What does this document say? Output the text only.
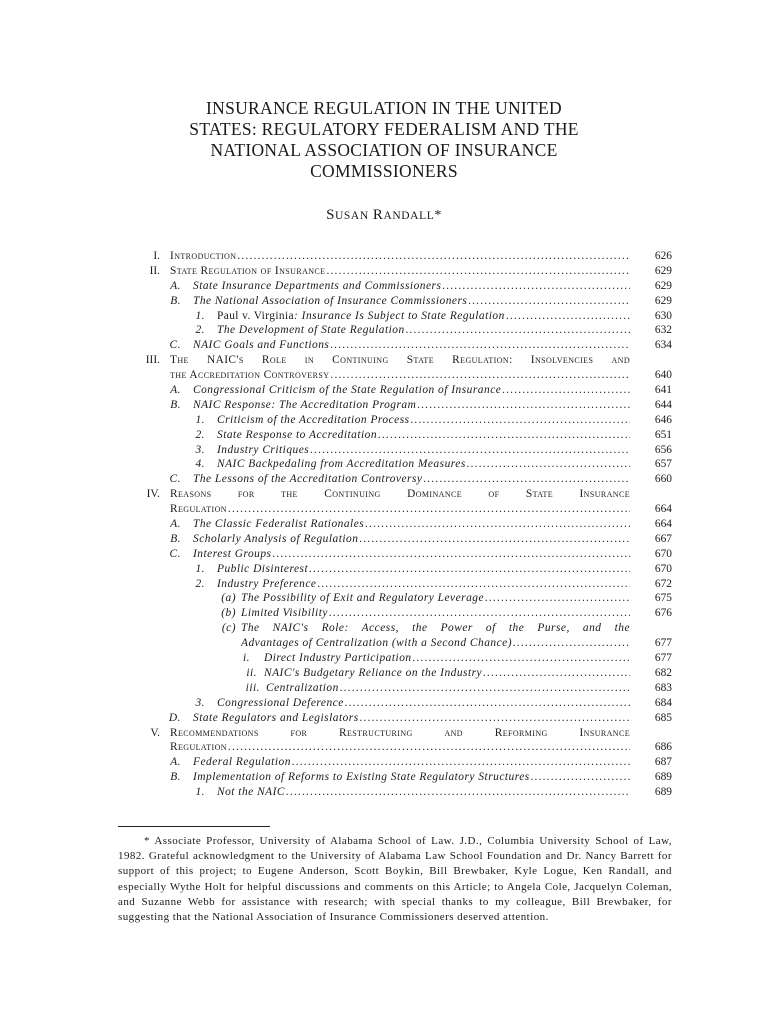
INSURANCE REGULATION IN THE UNITED
STATES: REGULATORY FEDERALISM AND THE
NATIONAL ASSOCIATION OF INSURANCE
COMMISSIONERS
SUSAN RANDALL*
I. Introduction .....	626
II. State Regulation of Insurance .....	629
A. State Insurance Departments and Commissioners .....	629
B. The National Association of Insurance Commissioners .....	629
1. Paul v. Virginia: Insurance Is Subject to State Regulation .....	630
2. The Development of State Regulation .....	632
C. NAIC Goals and Functions .....	634
III. The NAIC's Role in Continuing State Regulation: Insolvencies and
the Accreditation Controversy .....	640
A. Congressional Criticism of the State Regulation of Insurance .....	641
B. NAIC Response: The Accreditation Program .....	644
1. Criticism of the Accreditation Process .....	646
2. State Response to Accreditation .....	651
3. Industry Critiques .....	656
4. NAIC Backpedaling from Accreditation Measures .....	657
C. The Lessons of the Accreditation Controversy .....	660
IV. Reasons for the Continuing Dominance of State Insurance
Regulation .....	664
A. The Classic Federalist Rationales .....	664
B. Scholarly Analysis of Regulation .....	667
C. Interest Groups .....	670
1. Public Disinterest .....	670
2. Industry Preference .....	672
(a) The Possibility of Exit and Regulatory Leverage .....	675
(b) Limited Visibility .....	676
(c) The NAIC's Role: Access, the Power of the Purse, and the
Advantages of Centralization (with a Second Chance) .....	677
i. Direct Industry Participation .....	677
ii. NAIC's Budgetary Reliance on the Industry .....	682
iii. Centralization .....	683
3. Congressional Deference .....	684
D. State Regulators and Legislators .....	685
V. Recommendations for Restructuring and Reforming Insurance
Regulation .....	686
A. Federal Regulation .....	687
B. Implementation of Reforms to Existing State Regulatory Structures .....	689
1. Not the NAIC .....	689
* Associate Professor, University of Alabama School of Law. J.D., Columbia University School of Law, 1982. Grateful acknowledgment to the University of Alabama Law School Foundation and Dr. Nancy Barrett for support of this project; to Eugene Anderson, Scott Boykin, Bill Brewbaker, Kyle Logue, Ken Randall, and especially Wythe Holt for helpful discussions and comments on this Article; to Angela Cole, Jacquelyn Coleman, and Suzanne Webb for assistance with research; with special thanks to my colleague, Bill Brewbaker, for suggesting that the National Association of Insurance Commissioners deserved attention.
